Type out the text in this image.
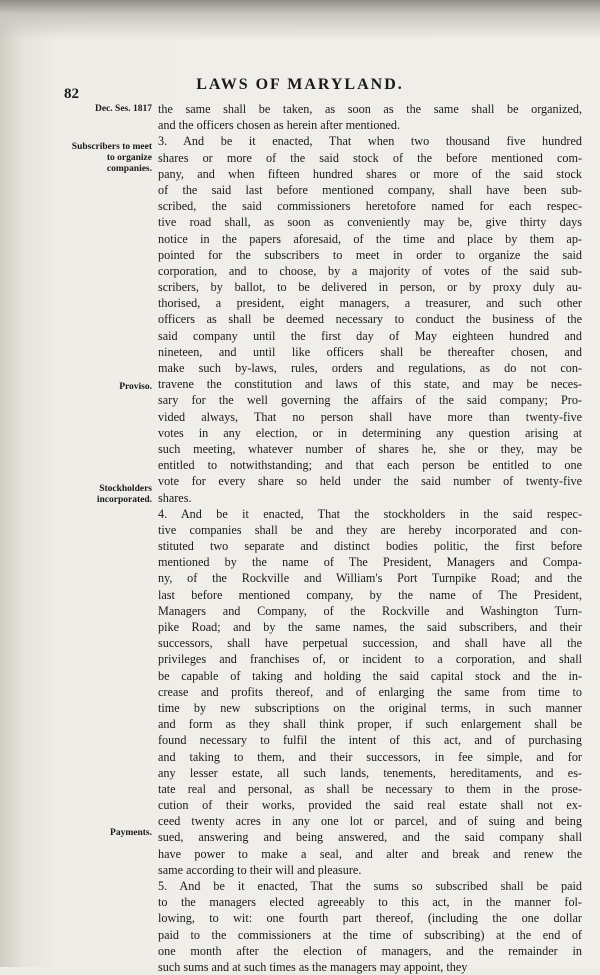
82
LAWS OF MARYLAND.
Dec. Ses. 1817
Subscribers to meet to organize companies.
Proviso.
Stockholders incorporated.
Payments.
the same shall be taken, as soon as the same shall be organized,
and the officers chosen as herein after mentioned.
3. And be it enacted, That when two thousand five hundred
shares or more of the said stock of the before mentioned com-
pany, and when fifteen hundred shares or more of the said stock
of the said last before mentioned company, shall have been sub-
scribed, the said commissioners heretofore named for each respec-
tive road shall, as soon as conveniently may be, give thirty days
notice in the papers aforesaid, of the time and place by them ap-
pointed for the subscribers to meet in order to organize the said
corporation, and to choose, by a majority of votes of the said sub-
scribers, by ballot, to be delivered in person, or by proxy duly au-
thorised, a president, eight managers, a treasurer, and such other
officers as shall be deemed necessary to conduct the business of the
said company until the first day of May eighteen hundred and
nineteen, and until like officers shall be thereafter chosen, and
make such by-laws, rules, orders and regulations, as do not con-
travene the constitution and laws of this state, and may be neces-
sary for the well governing the affairs of the said company; Pro-
vided always, That no person shall have more than twenty-five
votes in any election, or in determining any question arising at
such meeting, whatever number of shares he, she or they, may be
entitled to notwithstanding; and that each person be entitled to one
vote for every share so held under the said number of twenty-five
shares.
4. And be it enacted, That the stockholders in the said respec-
tive companies shall be and they are hereby incorporated and con-
stituted two separate and distinct bodies politic, the first before
mentioned by the name of The President, Managers and Compa-
ny, of the Rockville and William's Port Turnpike Road; and the
last before mentioned company, by the name of The President,
Managers and Company, of the Rockville and Washington Turn-
pike Road; and by the same names, the said subscribers, and their
successors, shall have perpetual succession, and shall have all the
privileges and franchises of, or incident to a corporation, and shall
be capable of taking and holding the said capital stock and the in-
crease and profits thereof, and of enlarging the same from time to
time by new subscriptions on the original terms, in such manner
and form as they shall think proper, if such enlargement shall be
found necessary to fulfil the intent of this act, and of purchasing
and taking to them, and their successors, in fee simple, and for
any lesser estate, all such lands, tenements, hereditaments, and es-
tate real and personal, as shall be necessary to them in the prose-
cution of their works, provided the said real estate shall not ex-
ceed twenty acres in any one lot or parcel, and of suing and being
sued, answering and being answered, and the said company shall
have power to make a seal, and alter and break and renew the
same according to their will and pleasure.
5. And be it enacted, That the sums so subscribed shall be paid
to the managers elected agreeably to this act, in the manner fol-
lowing, to wit: one fourth part thereof, (including the one dollar
paid to the commissioners at the time of subscribing) at the end of
one month after the election of managers, and the remainder in
such sums and at such times as the managers may appoint, they
